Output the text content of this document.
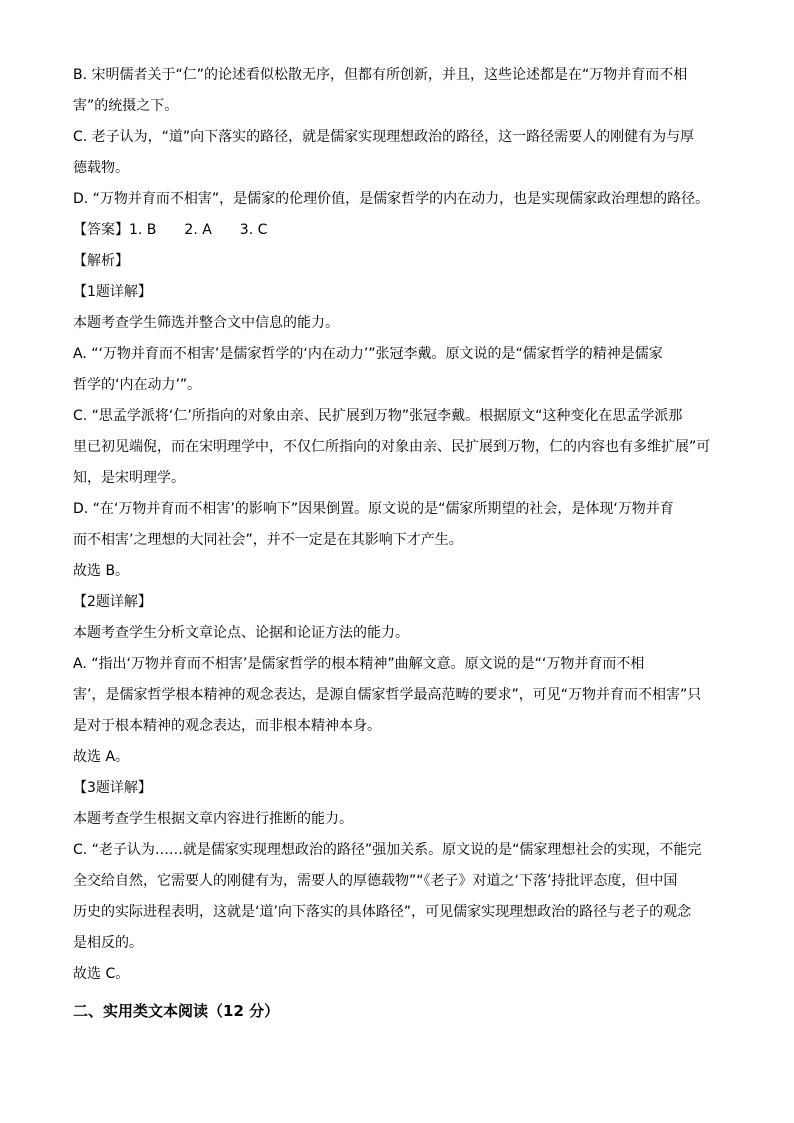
B. 宋明儒者关于“仁”的论述看似松散无序，但都有所创新，并且，这些论述都是在“万物并育而不相
害”的统摄之下。
C. 老子认为，“道”向下落实的路径，就是儒家实现理想政治的路径，这一路径需要人的刚健有为与厚
德载物。
D. “万物并育而不相害”，是儒家的伦理价值，是儒家哲学的内在动力，也是实现儒家政治理想的路径。
【答案】1. B　　2. A　　3. C
【解析】
【1题详解】
本题考查学生筛选并整合文中信息的能力。
A. “‘万物并育而不相害’是儒家哲学的‘内在动力’”张冠李戴。原文说的是“儒家哲学的精神是儒家
哲学的‘内在动力’”。
C. “思孟学派将‘仁’所指向的对象由亲、民扩展到万物”张冠李戴。根据原文“这种变化在思孟学派那
里已初见端倪，而在宋明理学中，不仅仁所指向的对象由亲、民扩展到万物，仁的内容也有多维扩展”可
知，是宋明理学。
D. “在‘万物并育而不相害’的影响下”因果倒置。原文说的是“儒家所期望的社会，是体现‘万物并育
而不相害’之理想的大同社会”，并不一定是在其影响下才产生。
故选 B。
【2题详解】
本题考查学生分析文章论点、论据和论证方法的能力。
A. “指出‘万物并育而不相害’是儒家哲学的根本精神”曲解文意。原文说的是“‘万物并育而不相
害’，是儒家哲学根本精神的观念表达，是源自儒家哲学最高范畴的要求”，可见“万物并育而不相害”只
是对于根本精神的观念表达，而非根本精神本身。
故选 A。
【3题详解】
本题考查学生根据文章内容进行推断的能力。
C. “老子认为……就是儒家实现理想政治的路径”强加关系。原文说的是“儒家理想社会的实现，不能完
全交给自然，它需要人的刚健有为，需要人的厚德载物”“《老子》对道之‘下落’持批评态度，但中国
历史的实际进程表明，这就是‘道’向下落实的具体路径”，可见儒家实现理想政治的路径与老子的观念
是相反的。
故选 C。
二、实用类文本阅读（12 分）
